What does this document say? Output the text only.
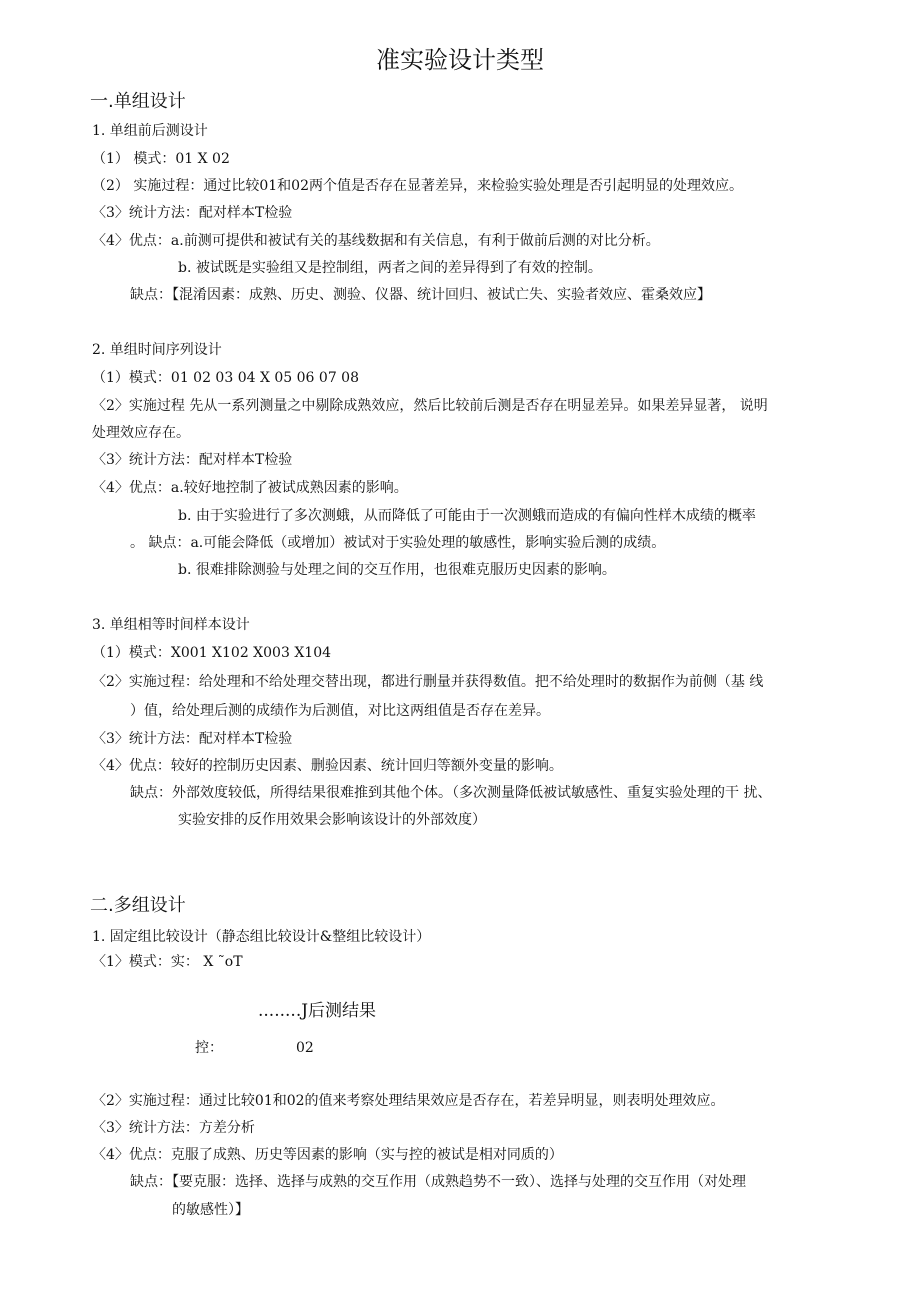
准实验设计类型
一.单组设计
1. 单组前后测设计
（1） 模式：01 X 02
（2） 实施过程：通过比较01和02两个值是否存在显著差异，来检验实验处理是否引起明显的处理效应。
〈3〉统计方法：配对样本T检验
〈4〉优点：a.前测可提供和被试有关的基线数据和有关信息，有利于做前后测的对比分析。
b. 被试既是实验组又是控制组，两者之间的差异得到了有效的控制。
缺点：【混淆因素：成熟、历史、测验、仪器、统计回归、被试亡失、实验者效应、霍桑效应】
2. 单组时间序列设计
（1）模式：01 02 03 04 X 05 06 07 08
〈2〉实施过程 先从一系列测量之中剔除成熟效应，然后比较前后测是否存在明显差异。如果差异显著， 说明
处理效应存在。
〈3〉统计方法：配对样本T检验
〈4〉优点：a.较好地控制了被试成熟因素的影响。
b. 由于实验进行了多次测蛾，从而降低了可能由于一次测蛾而造成的有偏向性样木成绩的概率
。 缺点：a.可能会降低（或增加）被试对于实验处理的敏感性，影响实验后测的成绩。
b. 很难排除测验与处理之间的交互作用，也很难克服历史因素的影响。
3. 单组相等时间样本设计
（1）模式：X001 X102 X003 X104
〈2〉实施过程：给处理和不给处理交替出现，都进行删量并获得数值。把不给处理时的数据作为前侧（基 线
）值，给处理后测的成绩作为后测值，对比这两组值是否存在差异。
〈3〉统计方法：配对样本T检验
〈4〉优点：较好的控制历史因素、删验因素、统计回归等额外变量的影响。
缺点：外部效度较低，所得结果很难推到其他个体。（多次测量降低被试敏感性、重复实验处理的干 扰、
实验安排的反作用效果会影响该设计的外部效度）
二.多组设计
1. 固定组比较设计（静态组比较设计&整组比较设计）
〈1〉模式：实： X ˜oT
........J后测结果
控：	02
〈2〉实施过程：通过比较01和02的值来考察处理结果效应是否存在，若差异明显，则表明处理效应。
〈3〉统计方法：方差分析
〈4〉优点：克服了成熟、历史等因素的影响（实与控的被试是相对同质的）
缺点：【要克服：选择、选择与成熟的交互作用（成熟趋势不一致）、选择与处理的交互作用（对处理
的敏感性）】
